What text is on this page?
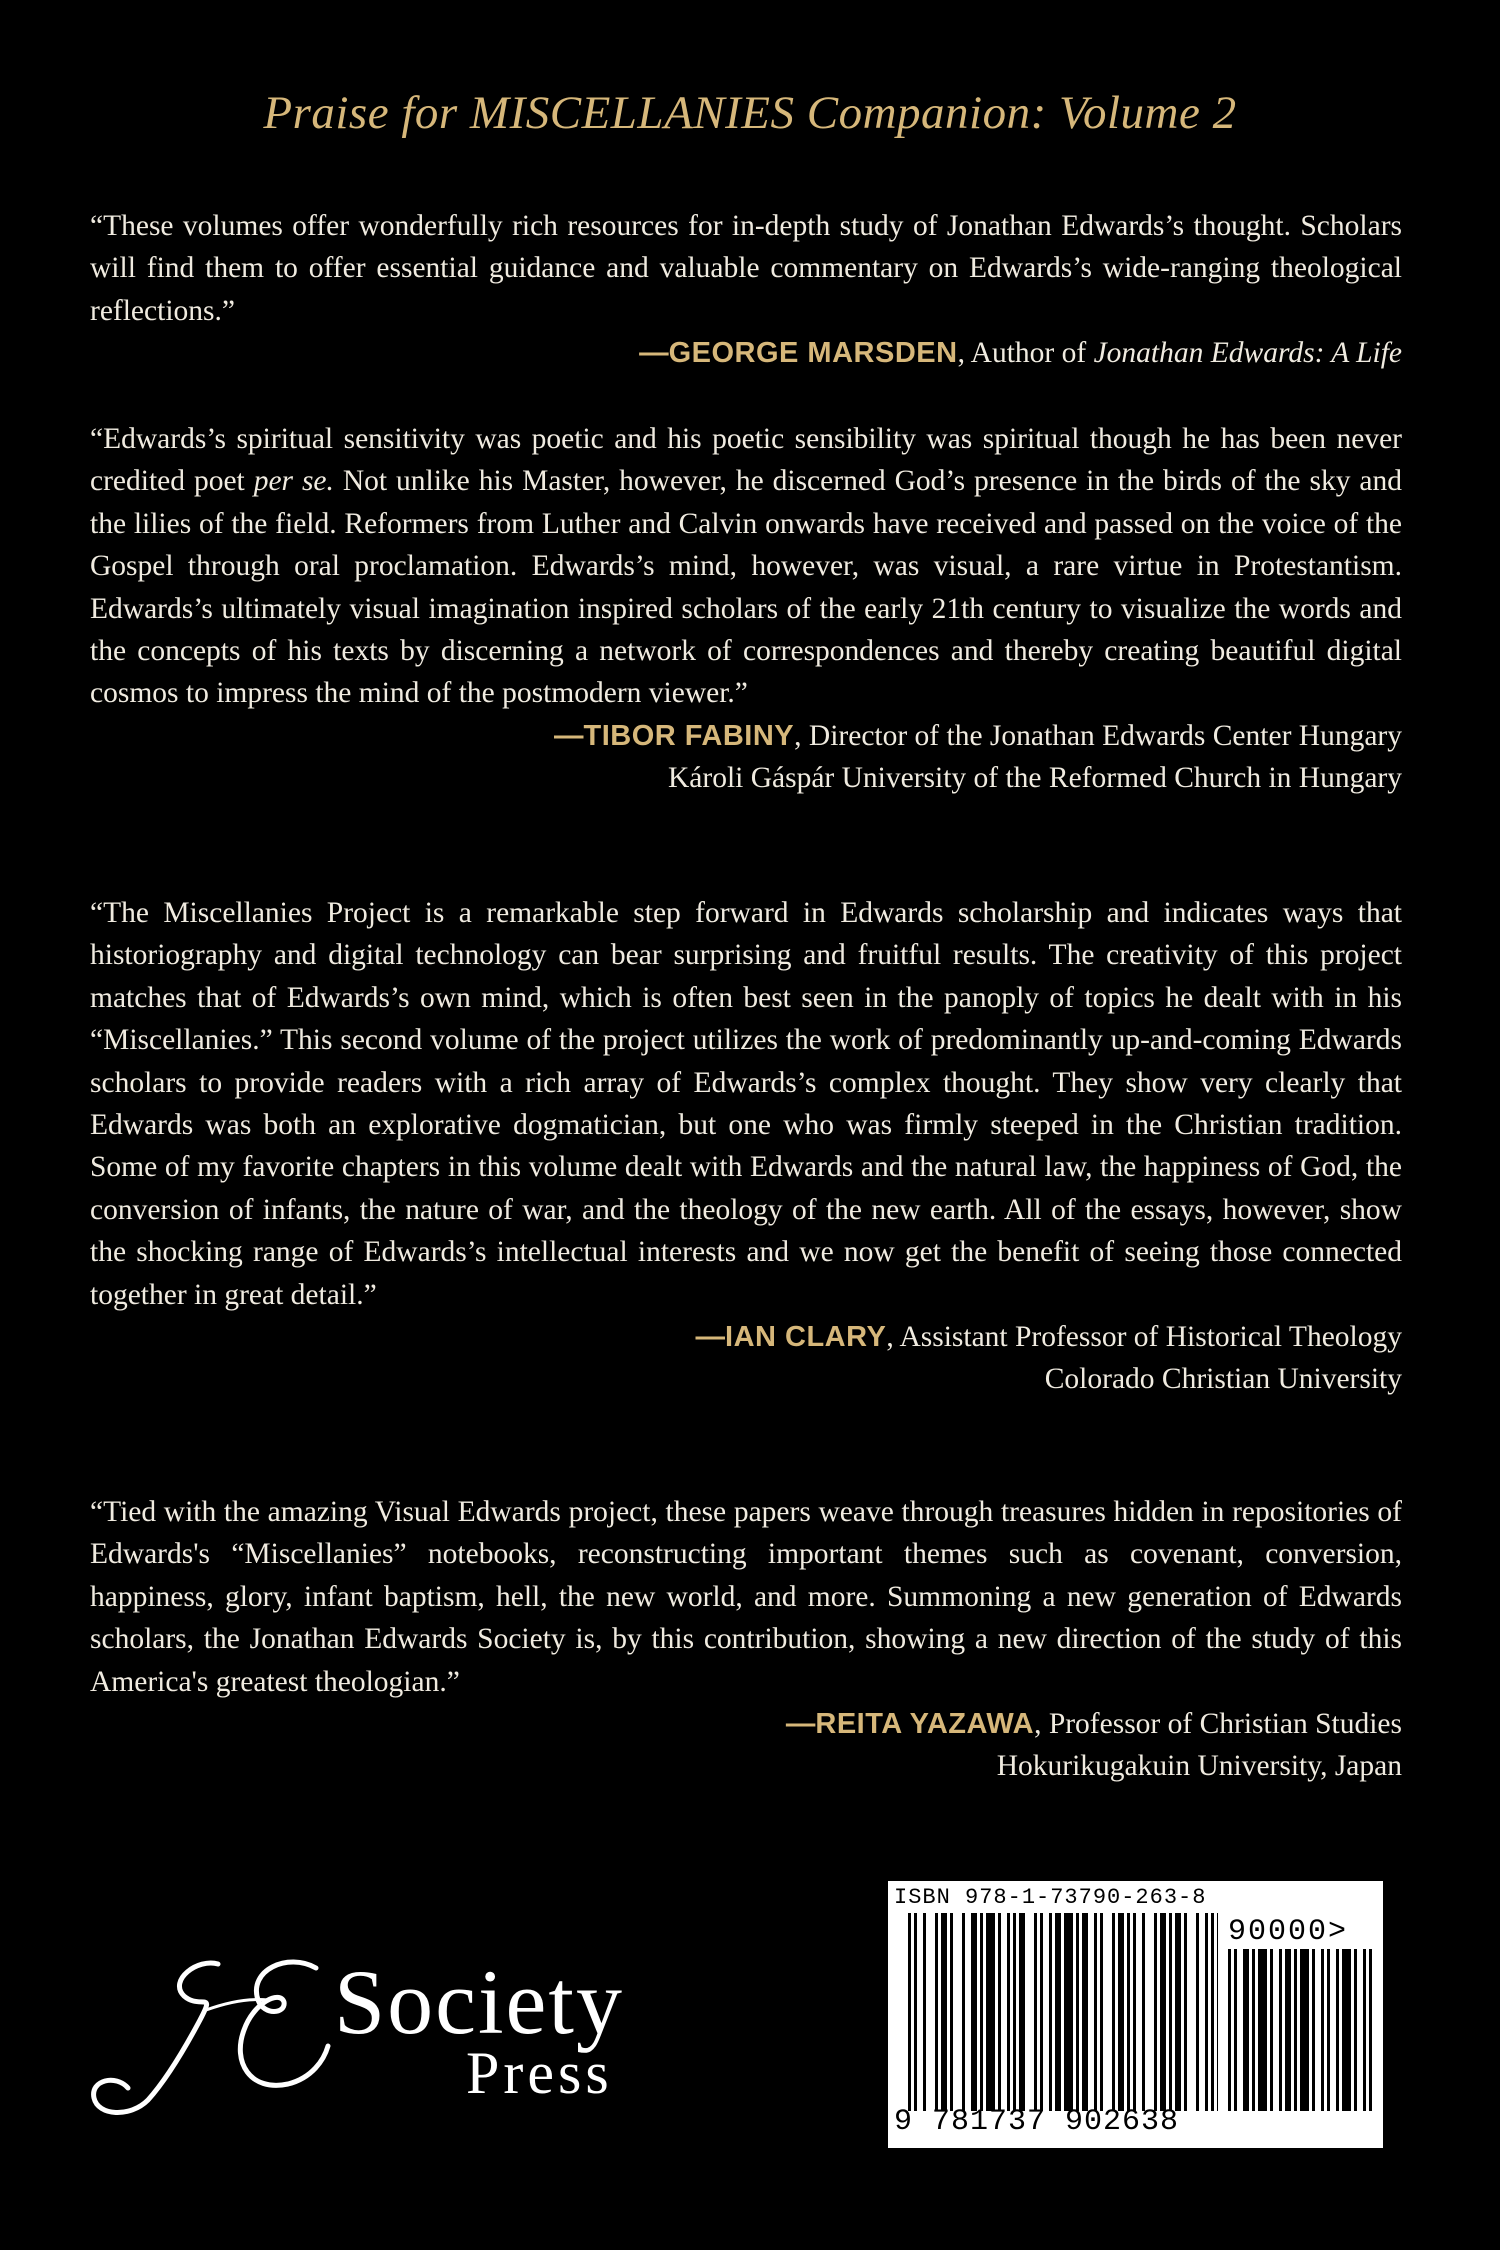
Praise for MISCELLANIES Companion: Volume 2

“These volumes offer wonderfully rich resources for in-depth study of Jonathan Edwards’s thought. Scholars will find them to offer essential guidance and valuable commentary on Edwards’s wide-ranging theological reflections.”

—GEORGE MARSDEN, Author of Jonathan Edwards: A Life

“Edwards’s spiritual sensitivity was poetic and his poetic sensibility was spiritual though he has been never credited poet per se. Not unlike his Master, however, he discerned God’s presence in the birds of the sky and the lilies of the field. Reformers from Luther and Calvin onwards have received and passed on the voice of the Gospel through oral proclamation. Edwards’s mind, however, was visual, a rare virtue in Protestantism. Edwards’s ultimately visual imagination inspired scholars of the early 21th century to visualize the words and the concepts of his texts by discerning a network of correspondences and thereby creating beautiful digital cosmos to impress the mind of the postmodern viewer.”

—TIBOR FABINY, Director of the Jonathan Edwards Center Hungary

Károli Gáspár University of the Reformed Church in Hungary

“The Miscellanies Project is a remarkable step forward in Edwards scholarship and indicates ways that historiography and digital technology can bear surprising and fruitful results. The creativity of this project matches that of Edwards’s own mind, which is often best seen in the panoply of topics he dealt with in his “Miscellanies.” This second volume of the project utilizes the work of predominantly up-and-coming Edwards scholars to provide readers with a rich array of Edwards’s complex thought. They show very clearly that Edwards was both an explorative dogmatician, but one who was firmly steeped in the Christian tradition. Some of my favorite chapters in this volume dealt with Edwards and the natural law, the happiness of God, the conversion of infants, the nature of war, and the theology of the new earth. All of the essays, however, show the shocking range of Edwards’s intellectual interests and we now get the benefit of seeing those connected together in great detail.”

—IAN CLARY, Assistant Professor of Historical Theology

Colorado Christian University

“Tied with the amazing Visual Edwards project, these papers weave through treasures hidden in repositories of Edwards's “Miscellanies” notebooks, reconstructing important themes such as covenant, conversion, happiness, glory, infant baptism, hell, the new world, and more. Summoning a new generation of Edwards scholars, the Jonathan Edwards Society is, by this contribution, showing a new direction of the study of this America's greatest theologian.”

—REITA YAZAWA, Professor of Christian Studies

Hokurikugakuin University, Japan

Society
Press
ISBN 978-1-73790-263-8
90000>
9 781737 902638
